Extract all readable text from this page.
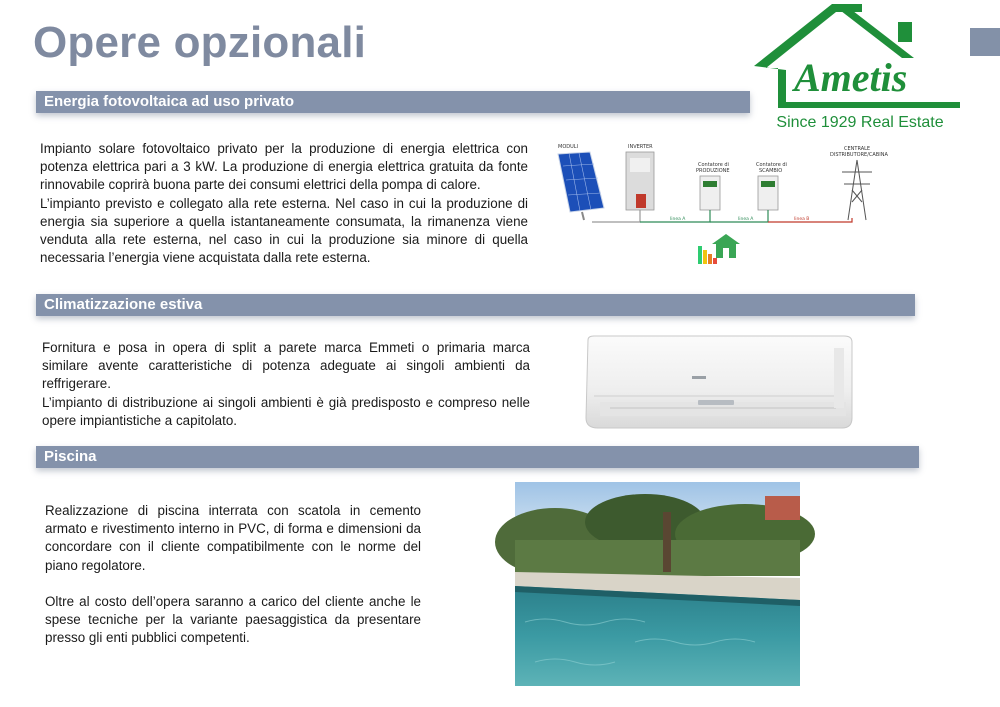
Opere opzionali
Ametis
Since 1929 Real Estate
Energia fotovoltaica ad uso privato

Impianto solare fotovoltaico privato per la produzione di energia elettrica con potenza elettrica pari a 3 kW. La produzione di energia elettrica gratuita da fonte rinnovabile coprirà buona parte dei consumi elettrici della pompa di calore.

L’impianto previsto e collegato alla rete esterna. Nel caso in cui la produzione di energia sia superiore a quella istantaneamente consumata, la rimanenza viene venduta alla rete esterna, nel caso in cui la produzione sia minore di quella necessaria l’energia viene acquistata dalla rete esterna.

MODULI	INVERTER
Contatore di
PRODUZIONE
Contatore di
SCAMBIO
CENTRALE
DISTRIBUTORE/CABINA
linea A	linea A	linea B
Climatizzazione estiva

Fornitura e posa in opera di split a parete marca Emmeti o primaria marca similare avente caratteristiche di potenza adeguate ai singoli ambienti da reffrigerare.

L’impianto di distribuzione ai singoli ambienti è già predisposto e compreso nelle opere impiantistiche a capitolato.

Piscina

Realizzazione di piscina interrata con scatola in cemento armato e rivestimento interno in PVC, di forma e dimensioni da concordare con il cliente compatibilmente con le norme del piano regolatore.

Oltre al costo dell’opera saranno a carico del cliente anche le spese tecniche per la variante paesaggistica da presentare presso gli enti pubblici competenti.
